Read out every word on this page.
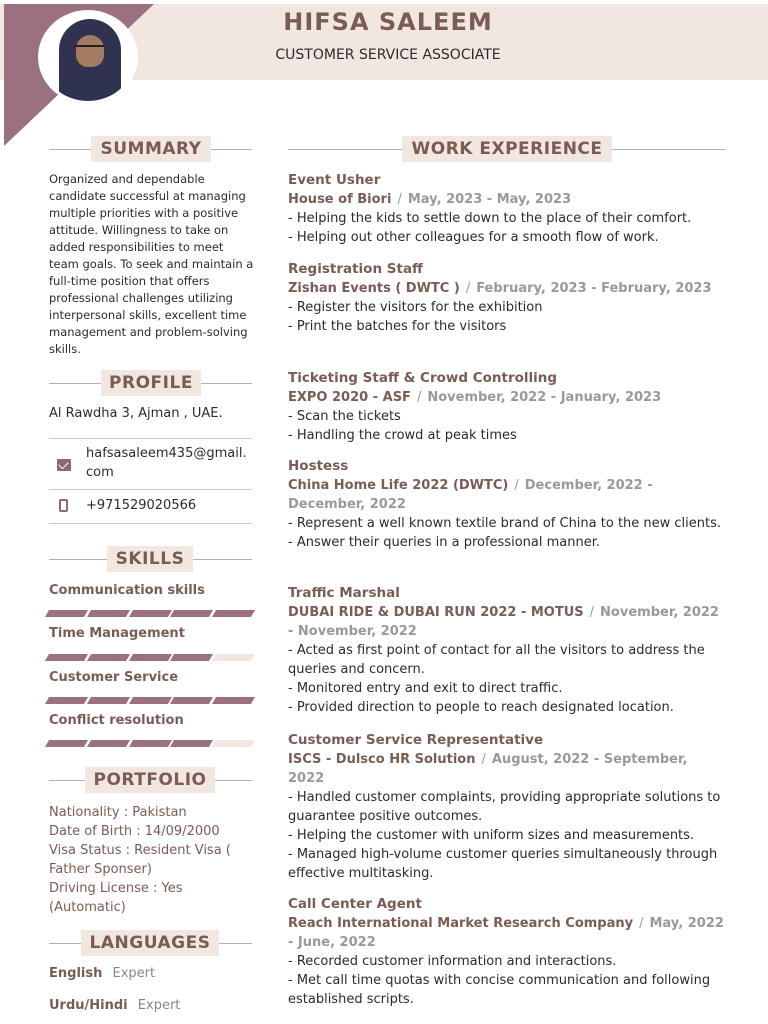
HIFSA SALEEM
CUSTOMER SERVICE ASSOCIATE
SUMMARY
Organized and dependable candidate successful at managing multiple priorities with a positive attitude. Willingness to take on added responsibilities to meet team goals. To seek and maintain a full-time position that offers professional challenges utilizing interpersonal skills, excellent time management and problem-solving skills.
PROFILE
Al Rawdha 3, Ajman , UAE.
hafsasaleem435@gmail.
com
+971529020566
SKILLS
Communication skills
Time Management
Customer Service
Conflict resolution
PORTFOLIO
Nationality : Pakistan
Date of Birth : 14/09/2000
Visa Status : Resident Visa (
Father Sponser)
Driving License : Yes
(Automatic)
LANGUAGES
English Expert
Urdu/Hindi Expert
WORK EXPERIENCE
Event Usher
House of Biori / May, 2023 - May, 2023
- Helping the kids to settle down to the place of their comfort.
- Helping out other colleagues for a smooth flow of work.
Registration Staff
Zishan Events ( DWTC ) / February, 2023 - February, 2023
- Register the visitors for the exhibition
- Print the batches for the visitors
Ticketing Staff & Crowd Controlling
EXPO 2020 - ASF / November, 2022 - January, 2023
- Scan the tickets
- Handling the crowd at peak times
Hostess
China Home Life 2022 (DWTC) / December, 2022 - December, 2022
- Represent a well known textile brand of China to the new clients.
- Answer their queries in a professional manner.
Traffic Marshal
DUBAI RIDE & DUBAI RUN 2022 - MOTUS / November, 2022 - November, 2022
- Acted as first point of contact for all the visitors to address the queries and concern.
- Monitored entry and exit to direct traffic.
- Provided direction to people to reach designated location.
Customer Service Representative
ISCS - Dulsco HR Solution / August, 2022 - September, 2022
- Handled customer complaints, providing appropriate solutions to guarantee positive outcomes.
- Helping the customer with uniform sizes and measurements.
- Managed high-volume customer queries simultaneously through effective multitasking.
Call Center Agent
Reach International Market Research Company / May, 2022 - June, 2022
- Recorded customer information and interactions.
- Met call time quotas with concise communication and following established scripts.
